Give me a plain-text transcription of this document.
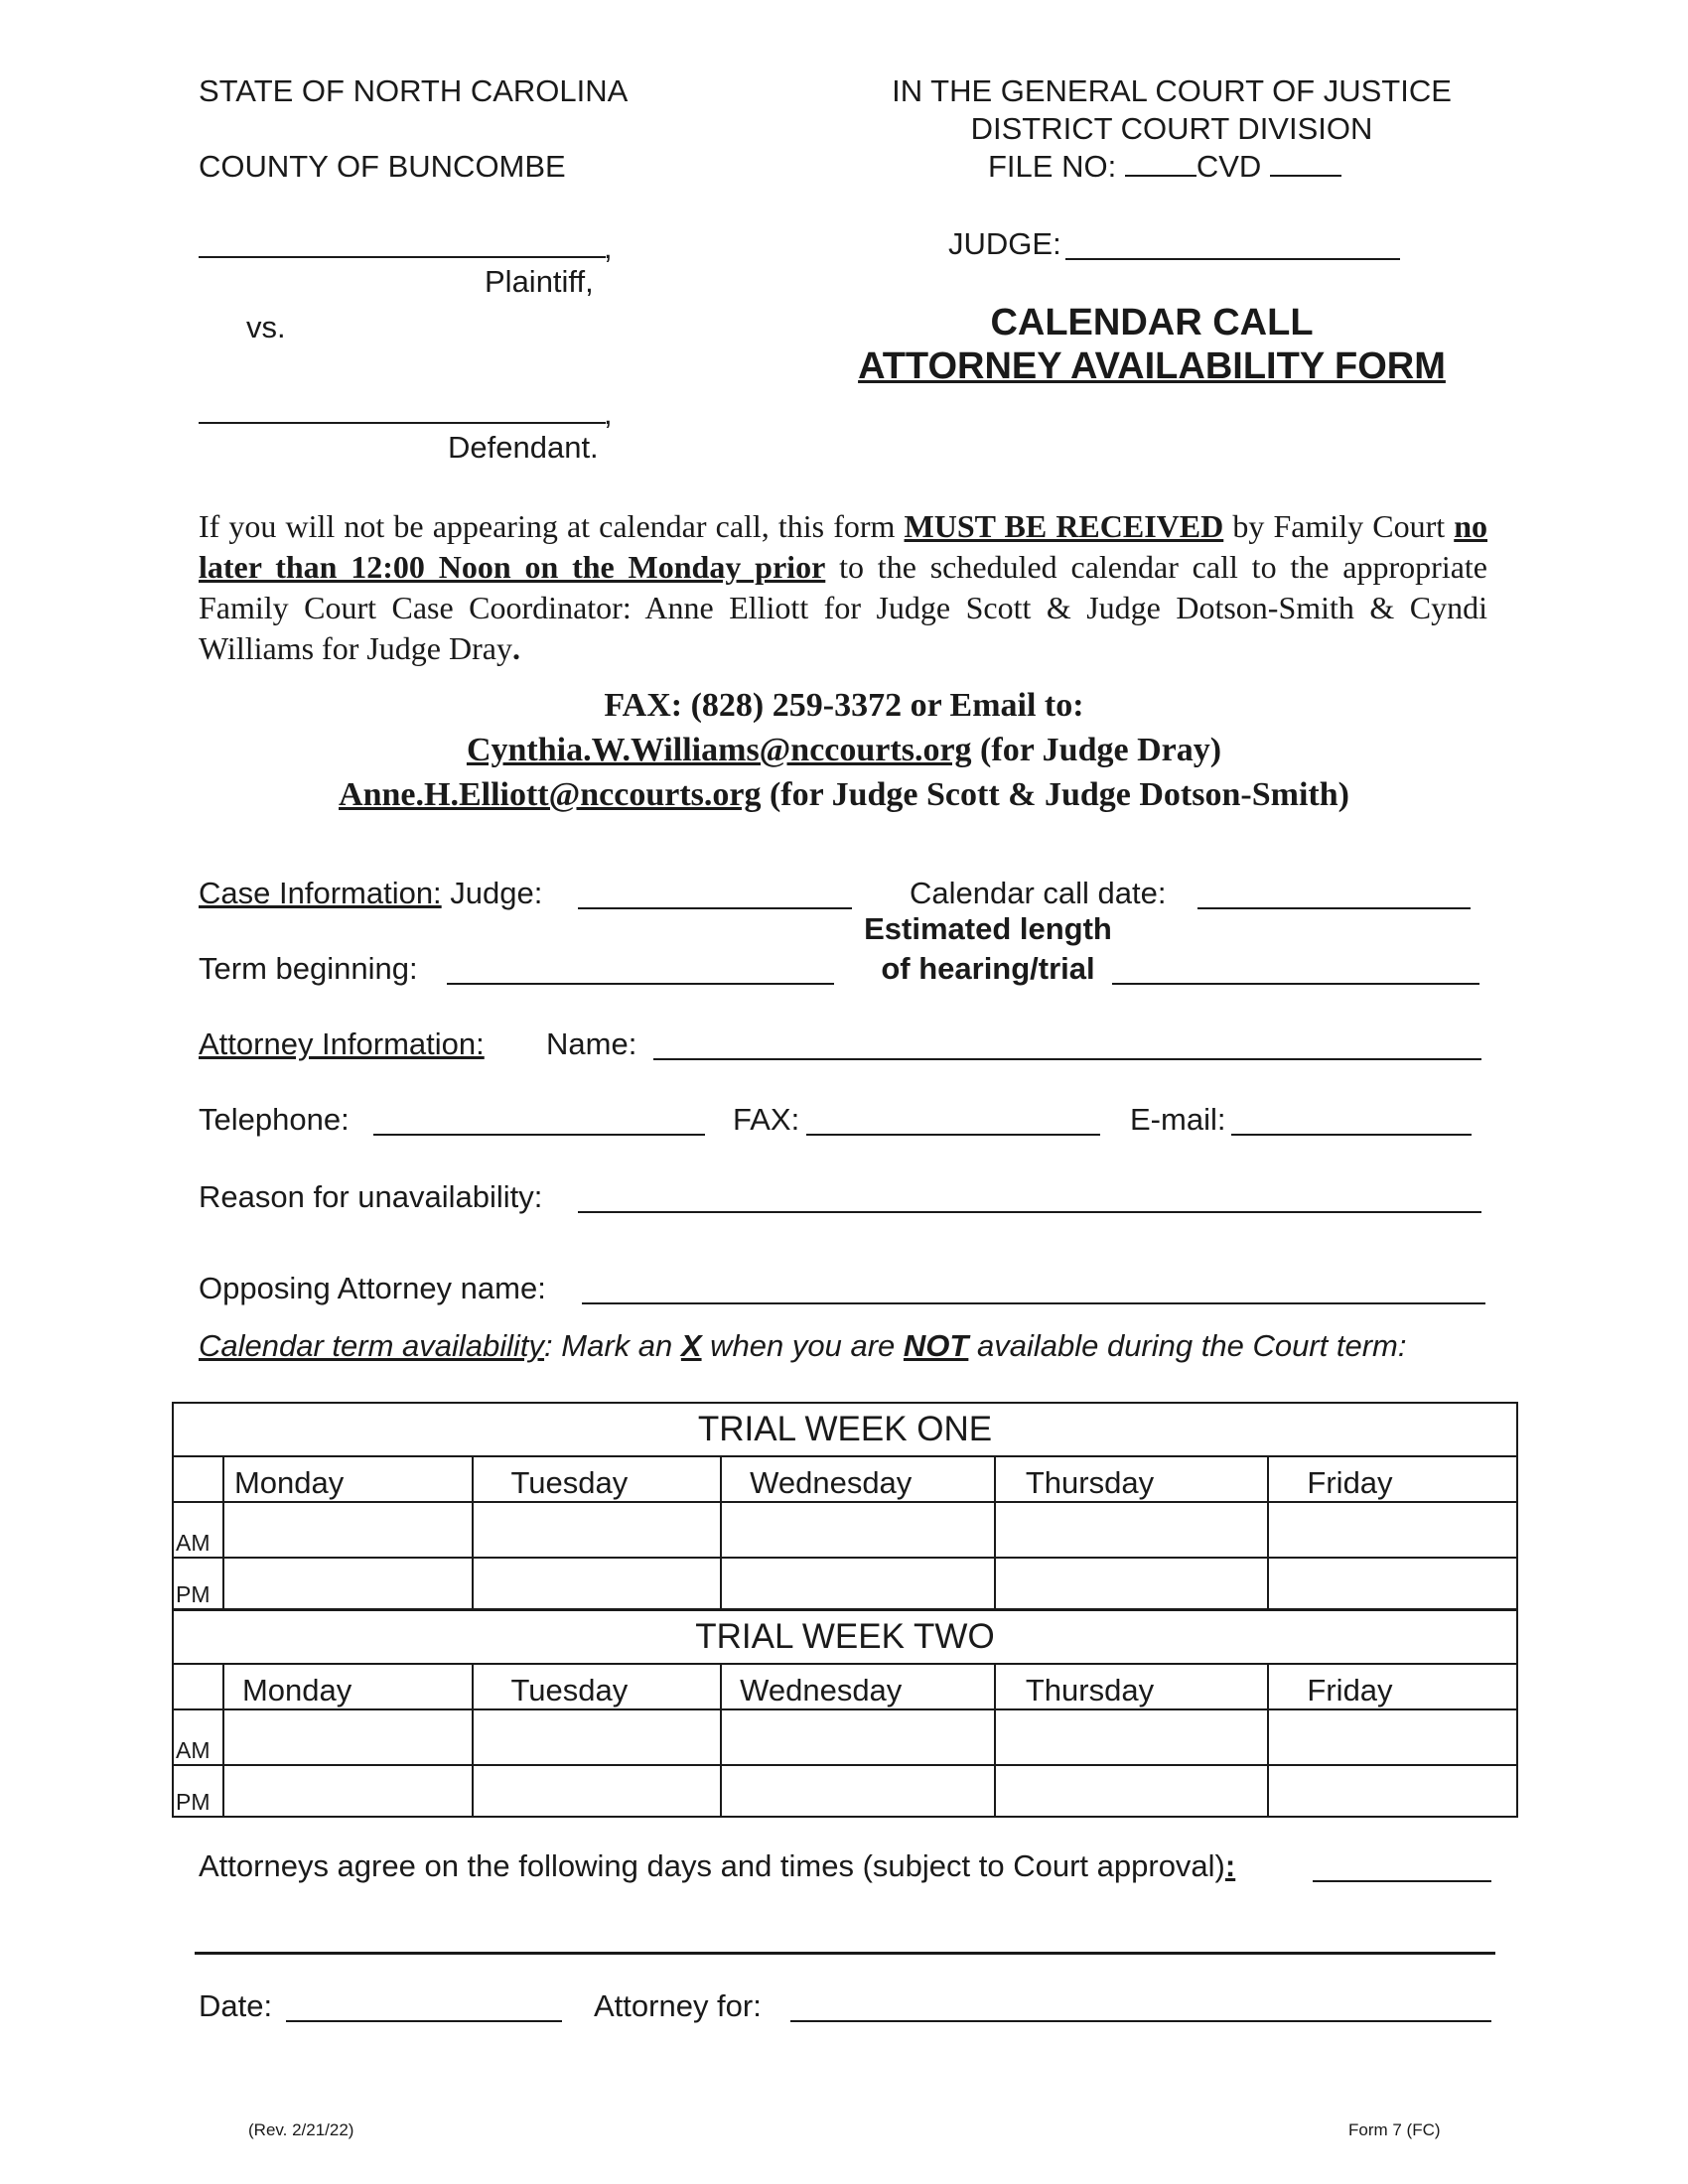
STATE OF NORTH CAROLINA
COUNTY OF BUNCOMBE
IN THE GENERAL COURT OF JUSTICE
DISTRICT COURT DIVISION
FILE NO:	CVD
JUDGE:
,
Plaintiff,
vs.
,
Defendant.
CALENDAR CALL
ATTORNEY AVAILABILITY FORM
If you will not be appearing at calendar call, this form MUST BE RECEIVED by Family Court no later than 12:00 Noon on the Monday prior to the scheduled calendar call to the appropriate Family Court Case Coordinator: Anne Elliott for Judge Scott & Judge Dotson-Smith & Cyndi Williams for Judge Dray.
FAX: (828) 259-3372 or Email to:
Cynthia.W.Williams@nccourts.org (for Judge Dray)
Anne.H.Elliott@nccourts.org (for Judge Scott & Judge Dotson-Smith)
Case Information: Judge:	Calendar call date:
Estimated length
of hearing/trial
Term beginning:
Attorney Information: Name:
Telephone:	FAX:	E-mail:
Reason for unavailability:
Opposing Attorney name:
Calendar term availability: Mark an X when you are NOT available during the Court term:
TRIAL WEEK ONE					
	Monday	Tuesday	Wednesday	Thursday	Friday
AM					
PM					
TRIAL WEEK TWO					
	Monday	Tuesday	Wednesday	Thursday	Friday
AM					
PM					
Attorneys agree on the following days and times (subject to Court approval):
Date:	Attorney for:
(Rev. 2/21/22)	Form 7 (FC)
